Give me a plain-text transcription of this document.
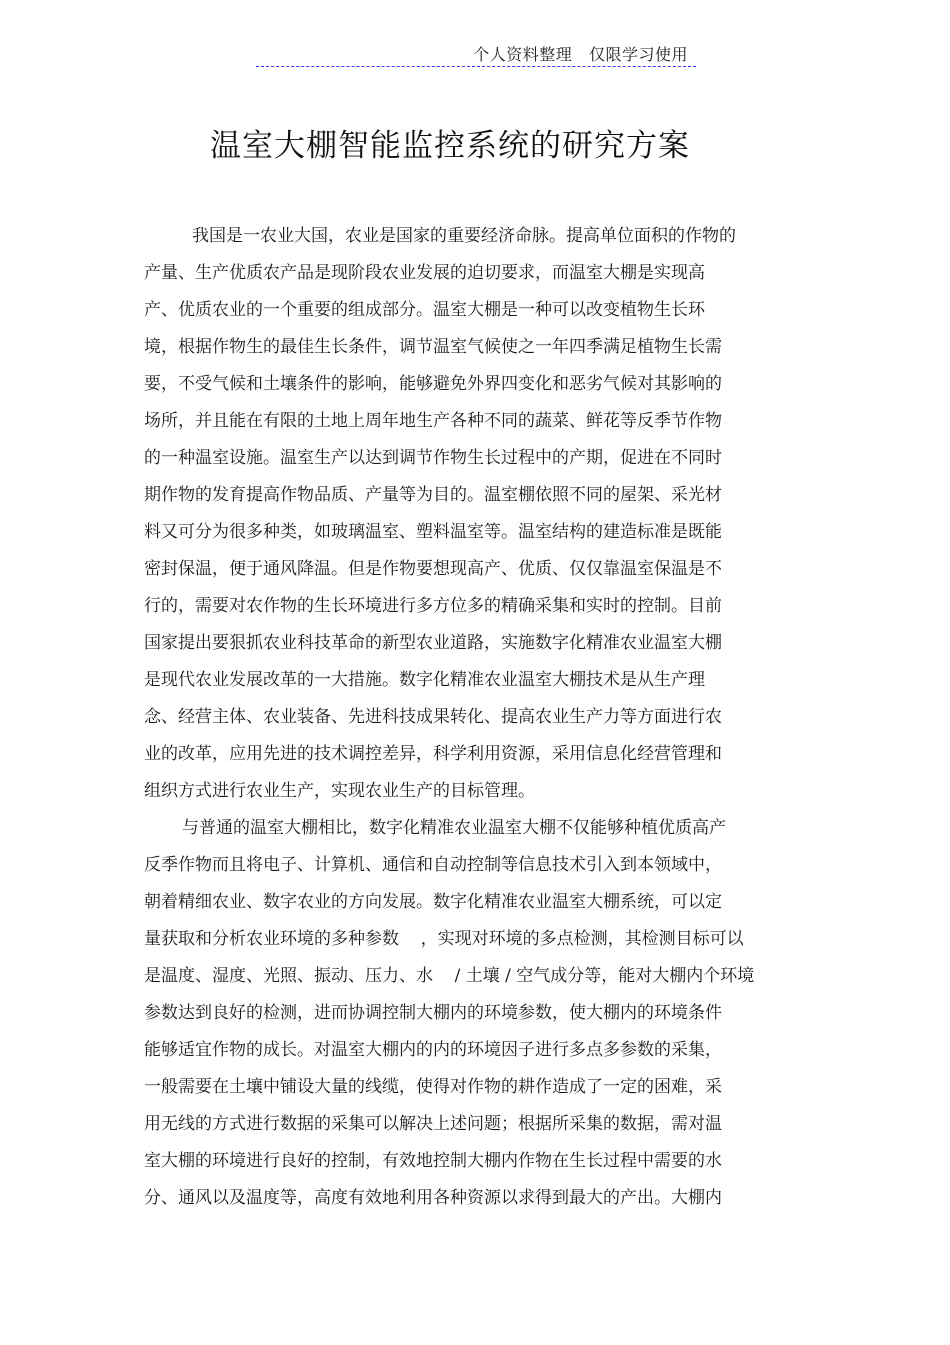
个人资料整理   仅限学习使用
温室大棚智能监控系统的研究方案
我国是一农业大国，农业是国家的重要经济命脉。提高单位面积的作物的
产量、生产优质农产品是现阶段农业发展的迫切要求，而温室大棚是实现高
产、优质农业的一个重要的组成部分。温室大棚是一种可以改变植物生长环
境，根据作物生的最佳生长条件，调节温室气候使之一年四季满足植物生长需
要，不受气候和土壤条件的影响，能够避免外界四变化和恶劣气候对其影响的
场所，并且能在有限的土地上周年地生产各种不同的蔬菜、鲜花等反季节作物
的一种温室设施。温室生产以达到调节作物生长过程中的产期，促进在不同时
期作物的发育提高作物品质、产量等为目的。温室棚依照不同的屋架、采光材
料又可分为很多种类，如玻璃温室、塑料温室等。温室结构的建造标准是既能
密封保温，便于通风降温。但是作物要想现高产、优质、仅仅靠温室保温是不
行的，需要对农作物的生长环境进行多方位多的精确采集和实时的控制。目前
国家提出要狠抓农业科技革命的新型农业道路，实施数字化精准农业温室大棚
是现代农业发展改革的一大措施。数字化精准农业温室大棚技术是从生产理
念、经营主体、农业装备、先进科技成果转化、提高农业生产力等方面进行农
业的改革，应用先进的技术调控差异，科学利用资源，采用信息化经营管理和
组织方式进行农业生产，实现农业生产的目标管理。
与普通的温室大棚相比，数字化精准农业温室大棚不仅能够种植优质高产
反季作物而且将电子、计算机、通信和自动控制等信息技术引入到本领域中，
朝着精细农业、数字农业的方向发展。数字化精准农业温室大棚系统，可以定
量获取和分析农业环境的多种参数    ，实现对环境的多点检测，其检测目标可以
是温度、湿度、光照、振动、压力、水    / 土壤 / 空气成分等，能对大棚内个环境
参数达到良好的检测，进而协调控制大棚内的环境参数，使大棚内的环境条件
能够适宜作物的成长。对温室大棚内的内的环境因子进行多点多参数的采集，
一般需要在土壤中铺设大量的线缆，使得对作物的耕作造成了一定的困难，采
用无线的方式进行数据的采集可以解决上述问题；根据所采集的数据，需对温
室大棚的环境进行良好的控制，有效地控制大棚内作物在生长过程中需要的水
分、通风以及温度等，高度有效地利用各种资源以求得到最大的产出。大棚内
